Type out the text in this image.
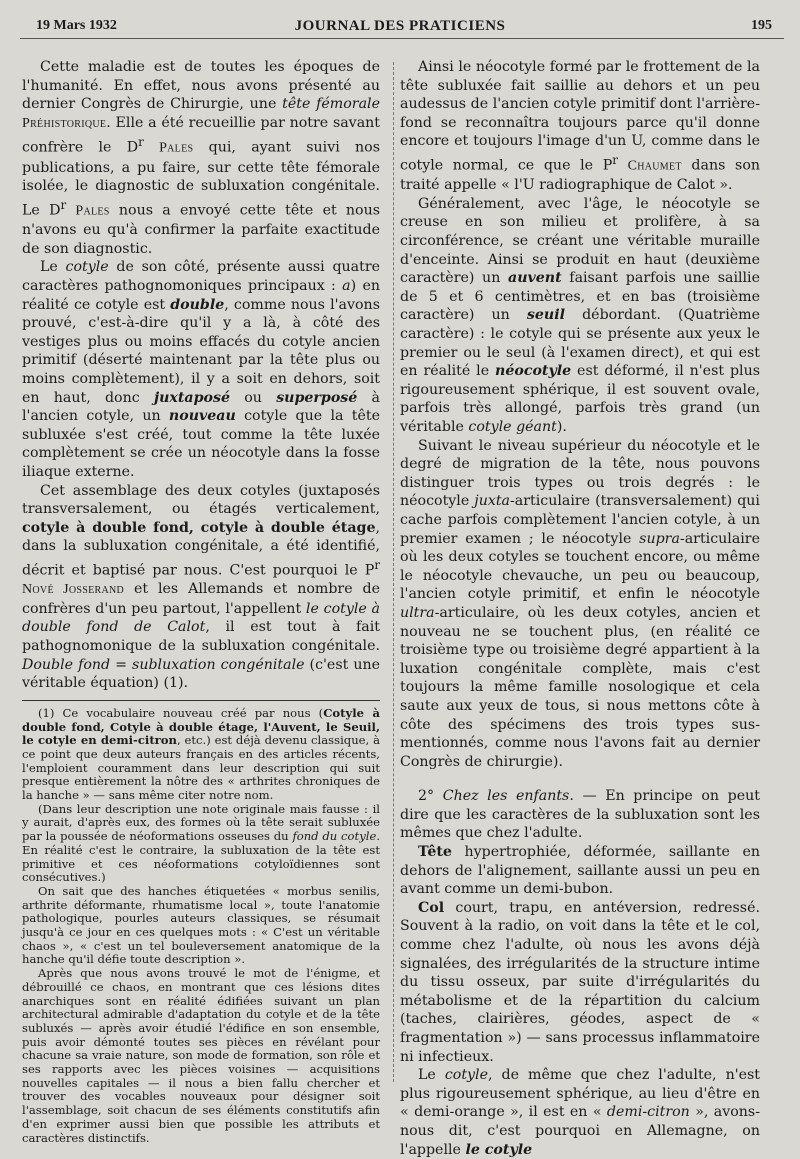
19 Mars 1932	JOURNAL DES PRATICIENS	195

Cette maladie est de toutes les époques de l'humanité. En effet, nous avons présenté au dernier Congrès de Chirurgie, une tête fémorale Préhistorique. Elle a été recueillie par notre savant confrère le $D^r$ Pales qui, ayant suivi nos publications, a pu faire, sur cette tête fémorale isolée, le diagnostic de subluxation congénitale. Le $D^r$ Pales nous a envoyé cette tête et nous n'avons eu qu'à confirmer la parfaite exactitude de son diagnostic.

Le cotyle de son côté, présente aussi quatre caractères pathognomoniques principaux : a) en réalité ce cotyle est double, comme nous l'avons prouvé, c'est-à-dire qu'il y a là, à côté des vestiges plus ou moins effacés du cotyle ancien primitif (déserté maintenant par la tête plus ou moins complètement), il y a soit en dehors, soit en haut, donc juxtaposé ou superposé à l'ancien cotyle, un nouveau cotyle que la tête subluxée s'est créé, tout comme la tête luxée complètement se crée un néocotyle dans la fosse iliaque externe.

Cet assemblage des deux cotyles (juxtaposés transversalement, ou étagés verticalement, cotyle à double fond, cotyle à double étage, dans la subluxation congénitale, a été identifié, décrit et baptisé par nous. C'est pourquoi le $P^r$ Nové Josserand et les Allemands et nombre de confrères d'un peu partout, l'appellent le cotyle à double fond de Calot, il est tout à fait pathognomonique de la subluxation congénitale. Double fond = subluxation congénitale (c'est une véritable équation) (1).

(1) Ce vocabulaire nouveau créé par nous (Cotyle à double fond, Cotyle à double étage, l'Auvent, le Seuil, le cotyle en demi-citron, etc.) est déjà devenu classique, à ce point que deux auteurs français en des articles récents, l'emploient couramment dans leur description qui suit presque entièrement la nôtre des « arthrites chroniques de la hanche » — sans même citer notre nom.

(Dans leur description une note originale mais fausse : il y aurait, d'après eux, des formes où la tête serait subluxée par la poussée de néoformations osseuses du fond du cotyle. En réalité c'est le contraire, la subluxation de la tête est primitive et ces néoformations cotyloïdiennes sont consécutives.)

On sait que des hanches étiquetées « morbus senilis, arthrite déformante, rhumatisme local », toute l'anatomie pathologique, pourles auteurs classiques, se résumait jusqu'à ce jour en ces quelques mots : « C'est un véritable chaos », « c'est un tel bouleversement anatomique de la hanche qu'il défie toute description ».

Après que nous avons trouvé le mot de l'énigme, et débrouillé ce chaos, en montrant que ces lésions dites anarchiques sont en réalité édifiées suivant un plan architectural admirable d'adaptation du cotyle et de la tête subluxés — après avoir étudié l'édifice en son ensemble, puis avoir démonté toutes ses pièces en révélant pour chacune sa vraie nature, son mode de formation, son rôle et ses rapports avec les pièces voisines — acquisitions nouvelles capitales — il nous a bien fallu chercher et trouver des vocables nouveaux pour désigner soit l'assemblage, soit chacun de ses éléments constitutifs afin d'en exprimer aussi bien que possible les attributs et caractères distinctifs.

Ainsi le néocotyle formé par le frottement de la tête subluxée fait saillie au dehors et un peu audessus de l'ancien cotyle primitif dont l'arrière-fond se reconnaîtra toujours parce qu'il donne encore et toujours l'image d'un U, comme dans le cotyle normal, ce que le $P^r$ Chaumet dans son traité appelle « l'U radiographique de Calot ».

Généralement, avec l'âge, le néocotyle se creuse en son milieu et prolifère, à sa circonférence, se créant une véritable muraille d'enceinte. Ainsi se produit en haut (deuxième caractère) un auvent faisant parfois une saillie de 5 et 6 centimètres, et en bas (troisième caractère) un seuil débordant. (Quatrième caractère) : le cotyle qui se présente aux yeux le premier ou le seul (à l'examen direct), et qui est en réalité le néocotyle est déformé, il n'est plus rigoureusement sphérique, il est souvent ovale, parfois très allongé, parfois très grand (un véritable cotyle géant).

Suivant le niveau supérieur du néocotyle et le degré de migration de la tête, nous pouvons distinguer trois types ou trois degrés : le néocotyle juxta-articulaire (transversalement) qui cache parfois complètement l'ancien cotyle, à un premier examen ; le néocotyle supra-articulaire où les deux cotyles se touchent encore, ou même le néocotyle chevauche, un peu ou beaucoup, l'ancien cotyle primitif, et enfin le néocotyle ultra-articulaire, où les deux cotyles, ancien et nouveau ne se touchent plus, (en réalité ce troisième type ou troisième degré appartient à la luxation congénitale complète, mais c'est toujours la même famille nosologique et cela saute aux yeux de tous, si nous mettons côte à côte des spécimens des trois types sus-mentionnés, comme nous l'avons fait au dernier Congrès de chirurgie).

2° Chez les enfants. — En principe on peut dire que les caractères de la subluxation sont les mêmes que chez l'adulte.

Tête hypertrophiée, déformée, saillante en dehors de l'alignement, saillante aussi un peu en avant comme un demi-bubon.

Col court, trapu, en antéversion, redressé. Souvent à la radio, on voit dans la tête et le col, comme chez l'adulte, où nous les avons déjà signalées, des irrégularités de la structure intime du tissu osseux, par suite d'irrégularités du métabolisme et de la répartition du calcium (taches, clairières, géodes, aspect de « fragmentation ») — sans processus inflammatoire ni infectieux.

Le cotyle, de même que chez l'adulte, n'est plus rigoureusement sphérique, au lieu d'être en « demi-orange », il est en « demi-citron », avons-nous dit, c'est pourquoi en Allemagne, on l'appelle le cotyle
